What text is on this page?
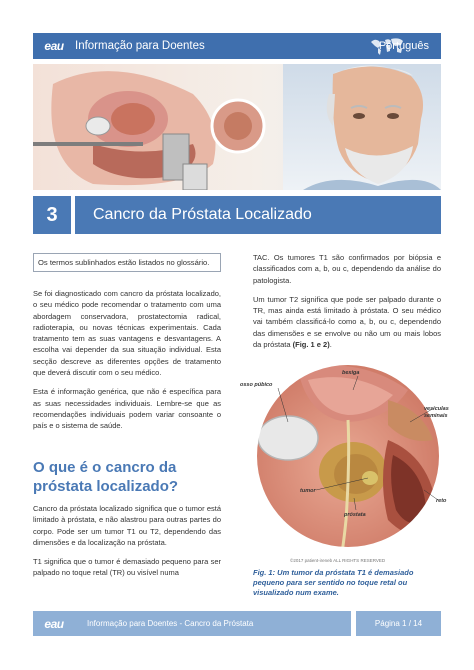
eau Informação para Doentes	Português
3	Cancro da Próstata Localizado
Os termos sublinhados estão listados no glossário.

Se foi diagnosticado com cancro da próstata localizado, o seu médico pode recomendar o tratamento com uma abordagem conservadora, prostatectomia radical, radioterapia, ou novas técnicas experimentais. Cada tratamento tem as suas vantagens e desvantagens. A escolha vai depender da sua situação individual. Esta secção descreve as diferentes opções de tratamento que deverá discutir com o seu médico.

Esta é informação genérica, que não é específica para as suas necessidades individuais. Lembre-se que as recomendações individuais podem variar consoante o país e o sistema de saúde.

O que é o cancro da próstata localizado?

Cancro da próstata localizado significa que o tumor está limitado à próstata, e não alastrou para outras partes do corpo. Pode ser um tumor T1 ou T2, dependendo das dimensões e da localização na próstata.

T1 significa que o tumor é demasiado pequeno para ser palpado no toque retal (TR) ou visível numa

TAC. Os tumores T1 são confirmados por biópsia e classificados com a, b, ou c, dependendo da análise do patologista.

Um tumor T2 significa que pode ser palpado durante o TR, mas ainda está limitado à próstata. O seu médico vai também classificá-lo como a, b, ou c, dependendo das dimensões e se envolve ou não um ou mais lobos da próstata (Fig. 1 e 2).

bexiga
osso púbico
vesículas seminais
tumor
próstata
reto
©2017 patient-ireneb ALL RIGHTS RESERVED
Fig. 1: Um tumor da próstata T1 é demasiado pequeno para ser sentido no toque retal ou visualizado num exame.
eau	Informação para Doentes - Cancro da Próstata	Página 1 / 14
